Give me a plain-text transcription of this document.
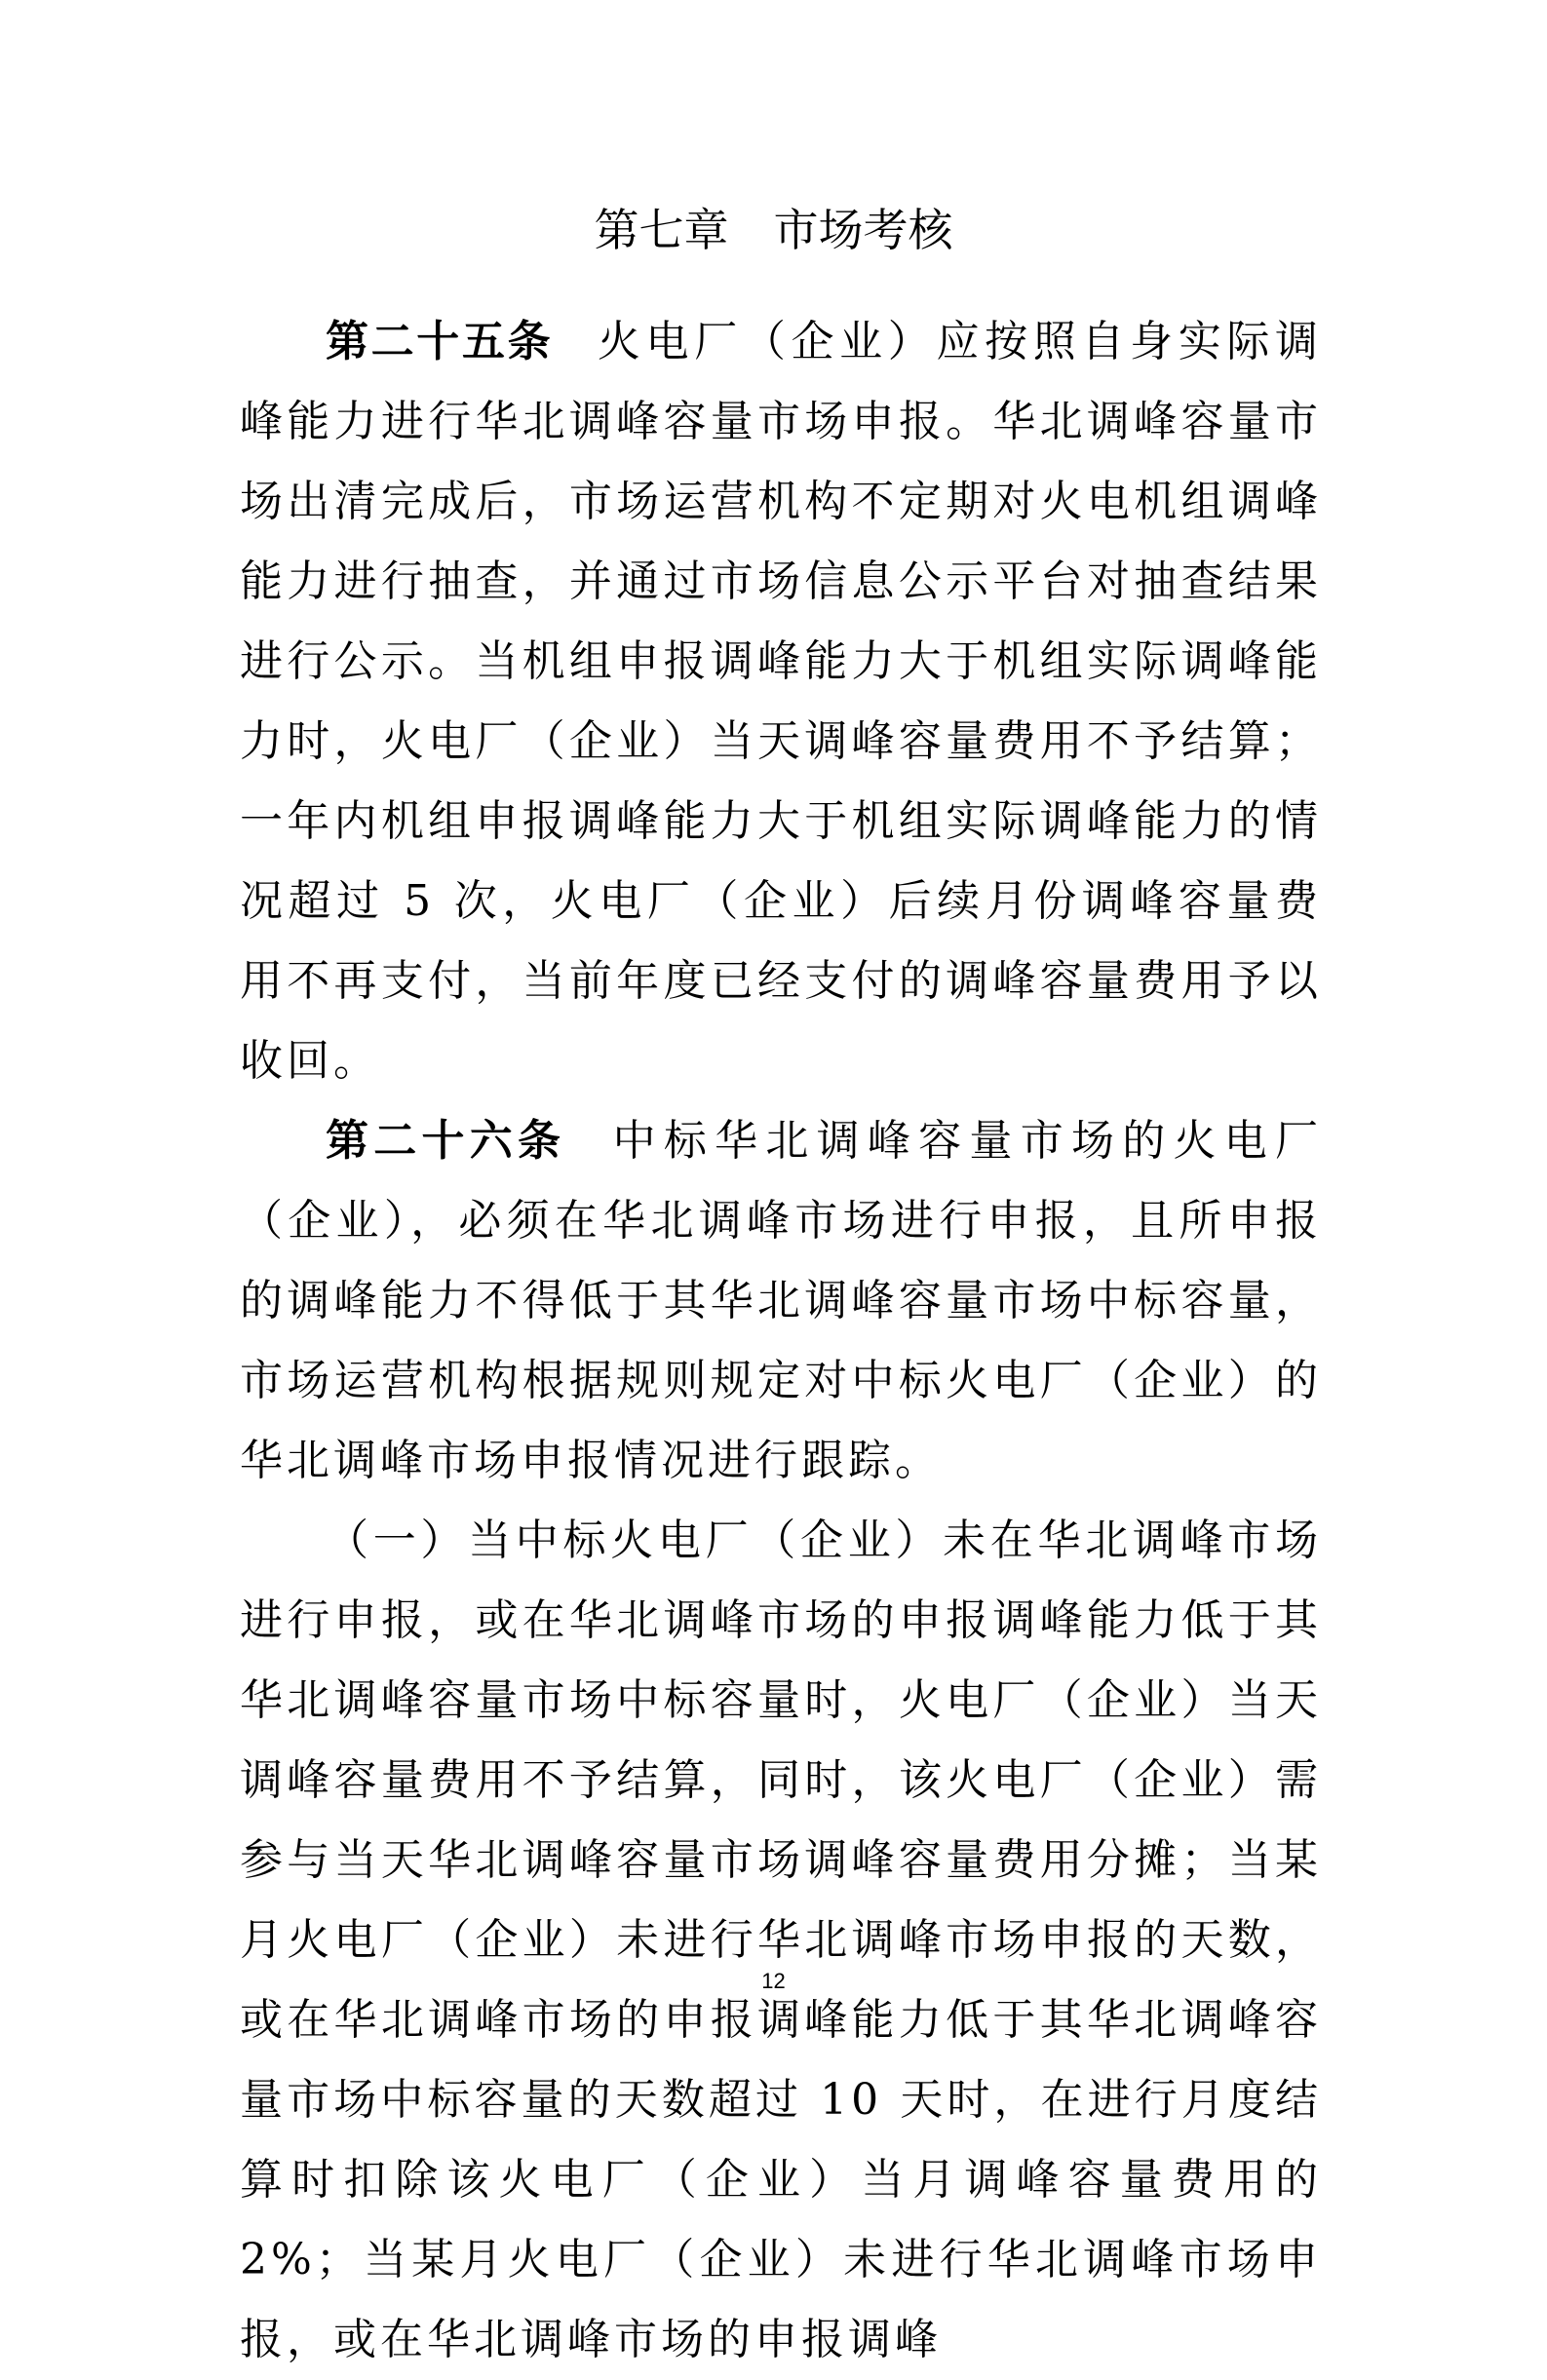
第七章　市场考核

第二十五条 火电厂（企业）应按照自身实际调峰能力进行华北调峰容量市场申报。华北调峰容量市场出清完成后，市场运营机构不定期对火电机组调峰能力进行抽查，并通过市场信息公示平台对抽查结果进行公示。当机组申报调峰能力大于机组实际调峰能力时，火电厂（企业）当天调峰容量费用不予结算；一年内机组申报调峰能力大于机组实际调峰能力的情况超过 5 次，火电厂（企业）后续月份调峰容量费用不再支付，当前年度已经支付的调峰容量费用予以收回。

第二十六条 中标华北调峰容量市场的火电厂（企业），必须在华北调峰市场进行申报，且所申报的调峰能力不得低于其华北调峰容量市场中标容量，市场运营机构根据规则规定对中标火电厂（企业）的华北调峰市场申报情况进行跟踪。

（一）当中标火电厂（企业）未在华北调峰市场进行申报，或在华北调峰市场的申报调峰能力低于其华北调峰容量市场中标容量时，火电厂（企业）当天调峰容量费用不予结算，同时，该火电厂（企业）需参与当天华北调峰容量市场调峰容量费用分摊；当某月火电厂（企业）未进行华北调峰市场申报的天数，或在华北调峰市场的申报调峰能力低于其华北调峰容量市场中标容量的天数超过 10 天时，在进行月度结算时扣除该火电厂（企业）当月调峰容量费用的 2%；当某月火电厂（企业）未进行华北调峰市场申报，或在华北调峰市场的申报调峰

12
